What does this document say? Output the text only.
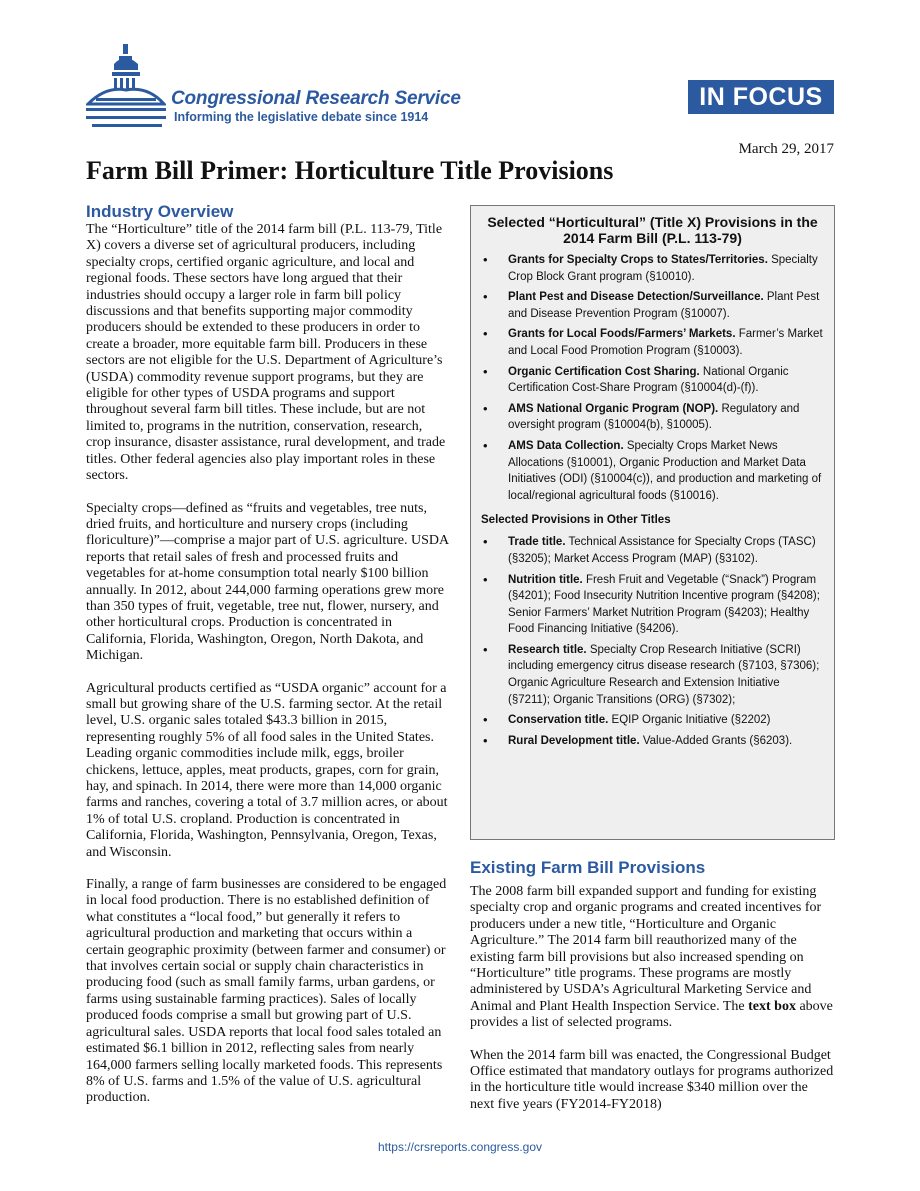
Congressional Research Service
Informing the legislative debate since 1914
IN FOCUS
March 29, 2017
Farm Bill Primer: Horticulture Title Provisions
Industry Overview

The “Horticulture” title of the 2014 farm bill (P.L. 113-79, Title X) covers a diverse set of agricultural producers, including specialty crops, certified organic agriculture, and local and regional foods. These sectors have long argued that their industries should occupy a larger role in farm bill policy discussions and that benefits supporting major commodity producers should be extended to these producers in order to create a broader, more equitable farm bill. Producers in these sectors are not eligible for the U.S. Department of Agriculture’s (USDA) commodity revenue support programs, but they are eligible for other types of USDA programs and support throughout several farm bill titles. These include, but are not limited to, programs in the nutrition, conservation, research, crop insurance, disaster assistance, rural development, and trade titles. Other federal agencies also play important roles in these sectors.

Specialty crops—defined as “fruits and vegetables, tree nuts, dried fruits, and horticulture and nursery crops (including floriculture)”—comprise a major part of U.S. agriculture. USDA reports that retail sales of fresh and processed fruits and vegetables for at-home consumption total nearly $100 billion annually. In 2012, about 244,000 farming operations grew more than 350 types of fruit, vegetable, tree nut, flower, nursery, and other horticultural crops. Production is concentrated in California, Florida, Washington, Oregon, North Dakota, and Michigan.

Agricultural products certified as “USDA organic” account for a small but growing share of the U.S. farming sector. At the retail level, U.S. organic sales totaled $43.3 billion in 2015, representing roughly 5% of all food sales in the United States. Leading organic commodities include milk, eggs, broiler chickens, lettuce, apples, meat products, grapes, corn for grain, hay, and spinach. In 2014, there were more than 14,000 organic farms and ranches, covering a total of 3.7 million acres, or about 1% of total U.S. cropland. Production is concentrated in California, Florida, Washington, Pennsylvania, Oregon, Texas, and Wisconsin.

Finally, a range of farm businesses are considered to be engaged in local food production. There is no established definition of what constitutes a “local food,” but generally it refers to agricultural production and marketing that occurs within a certain geographic proximity (between farmer and consumer) or that involves certain social or supply chain characteristics in producing food (such as small family farms, urban gardens, or farms using sustainable farming practices). Sales of locally produced foods comprise a small but growing part of U.S. agricultural sales. USDA reports that local food sales totaled an estimated $6.1 billion in 2012, reflecting sales from nearly 164,000 farmers selling locally marketed foods. This represents 8% of U.S. farms and 1.5% of the value of U.S. agricultural production.

Selected “Horticultural” (Title X) Provisions in the 2014 Farm Bill (P.L. 113-79)
• Grants for Specialty Crops to States/Territories. Specialty Crop Block Grant program (§10010).
• Plant Pest and Disease Detection/Surveillance. Plant Pest and Disease Prevention Program (§10007).
• Grants for Local Foods/Farmers’ Markets. Farmer’s Market and Local Food Promotion Program (§10003).
• Organic Certification Cost Sharing. National Organic Certification Cost-Share Program (§10004(d)-(f)).
• AMS National Organic Program (NOP). Regulatory and oversight program (§10004(b), §10005).
• AMS Data Collection. Specialty Crops Market News Allocations (§10001), Organic Production and Market Data Initiatives (ODI) (§10004(c)), and production and marketing of local/regional agricultural foods (§10016).
Selected Provisions in Other Titles
• Trade title. Technical Assistance for Specialty Crops (TASC) (§3205); Market Access Program (MAP) (§3102).
• Nutrition title. Fresh Fruit and Vegetable (“Snack”) Program (§4201); Food Insecurity Nutrition Incentive program (§4208); Senior Farmers’ Market Nutrition Program (§4203); Healthy Food Financing Initiative (§4206).
• Research title. Specialty Crop Research Initiative (SCRI) including emergency citrus disease research (§7103, §7306); Organic Agriculture Research and Extension Initiative (§7211); Organic Transitions (ORG) (§7302);
• Conservation title. EQIP Organic Initiative (§2202)
• Rural Development title. Value-Added Grants (§6203).
Existing Farm Bill Provisions

The 2008 farm bill expanded support and funding for existing specialty crop and organic programs and created incentives for producers under a new title, “Horticulture and Organic Agriculture.” The 2014 farm bill reauthorized many of the existing farm bill provisions but also increased spending on “Horticulture” title programs. These programs are mostly administered by USDA’s Agricultural Marketing Service and Animal and Plant Health Inspection Service. The text box above provides a list of selected programs.

When the 2014 farm bill was enacted, the Congressional Budget Office estimated that mandatory outlays for programs authorized in the horticulture title would increase $340 million over the next five years (FY2014-FY2018)

https://crsreports.congress.gov
